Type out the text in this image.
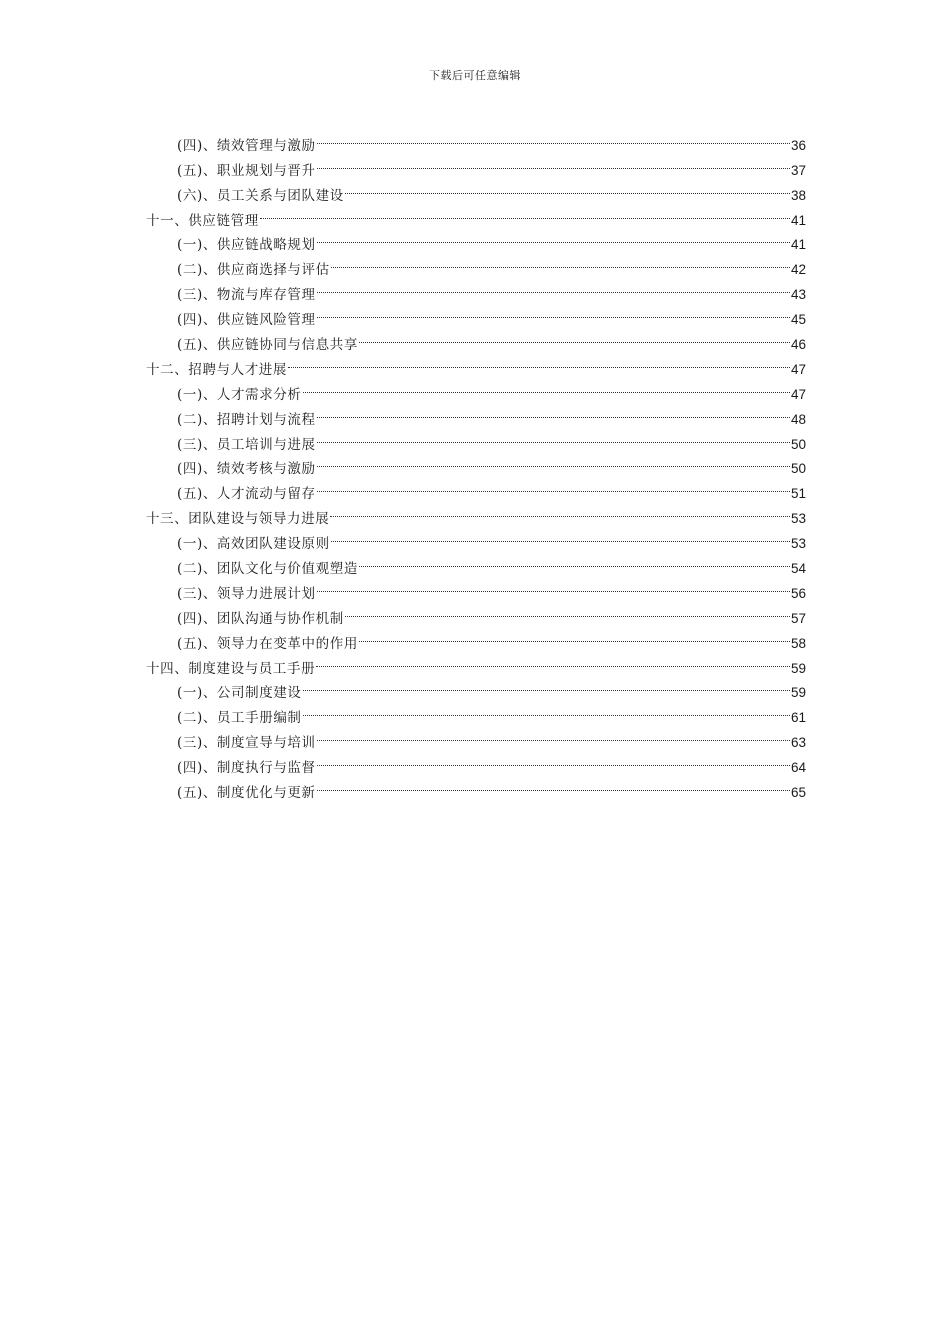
下载后可任意编辑
(四)、绩效管理与激励	36
(五)、职业规划与晋升	37
(六)、员工关系与团队建设	38
十一、供应链管理	41
(一)、供应链战略规划	41
(二)、供应商选择与评估	42
(三)、物流与库存管理	43
(四)、供应链风险管理	45
(五)、供应链协同与信息共享	46
十二、招聘与人才进展	47
(一)、人才需求分析	47
(二)、招聘计划与流程	48
(三)、员工培训与进展	50
(四)、绩效考核与激励	50
(五)、人才流动与留存	51
十三、团队建设与领导力进展	53
(一)、高效团队建设原则	53
(二)、团队文化与价值观塑造	54
(三)、领导力进展计划	56
(四)、团队沟通与协作机制	57
(五)、领导力在变革中的作用	58
十四、制度建设与员工手册	59
(一)、公司制度建设	59
(二)、员工手册编制	61
(三)、制度宣导与培训	63
(四)、制度执行与监督	64
(五)、制度优化与更新	65
